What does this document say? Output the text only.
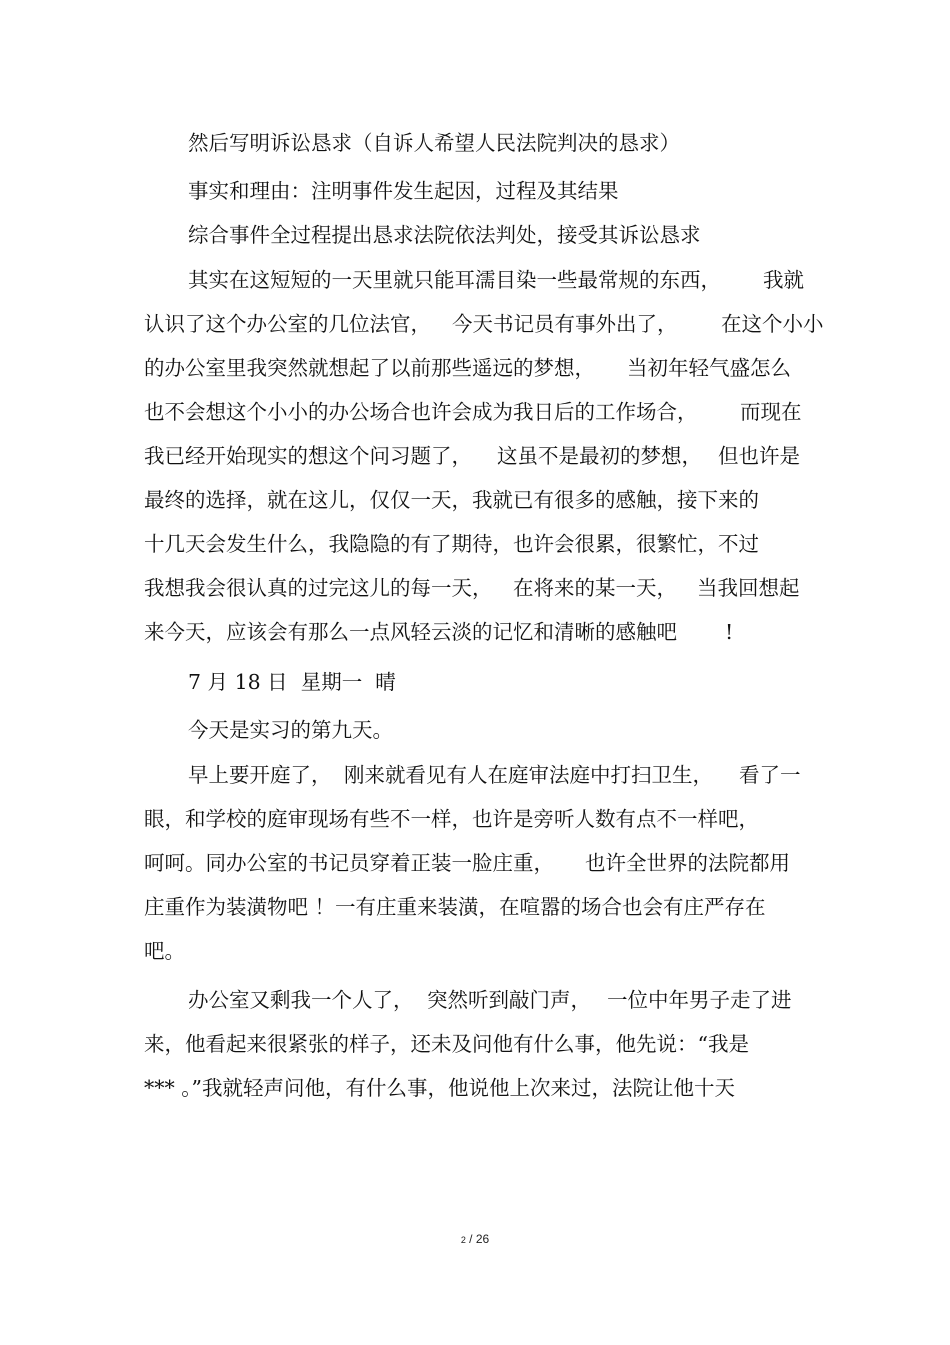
然后写明诉讼恳求（自诉人希望人民法院判决的恳求）

事实和理由：注明事件发生起因，过程及其结果

综合事件全过程提出恳求法院依法判处，接受其诉讼恳求

其实在这短短的一天里就只能耳濡目染一些最常规的东西，

我就

认识了这个办公室的几位法官，

今天书记员有事外出了，

在这个小小

的办公室里我突然就想起了以前那些遥远的梦想，

当初年轻气盛怎么

也不会想这个小小的办公场合也许会成为我日后的工作场合，

而现在

我已经开始现实的想这个问习题了，

这虽不是最初的梦想，

但也许是

最终的选择，就在这儿，仅仅一天，我就已有很多的感触，接下来的

十几天会发生什么，我隐隐的有了期待，也许会很累，很繁忙，不过

我想我会很认真的过完这儿的每一天，

在将来的某一天，

当我回想起

来今天，应该会有那么一点风轻云淡的记忆和清晰的感触吧

!

7 月 18 日  星期一  晴

今天是实习的第九天。

早上要开庭了，

刚来就看见有人在庭审法庭中打扫卫生，

看了一

眼，和学校的庭审现场有些不一样，也许是旁听人数有点不一样吧，

呵呵。同办公室的书记员穿着正装一脸庄重，

也许全世界的法院都用

庄重作为装潢物吧 ！一有庄重来装潢，在喧嚣的场合也会有庄严存在

吧。

办公室又剩我一个人了，

突然听到敲门声，

一位中年男子走了进

来，他看起来很紧张的样子，还未及问他有什么事，他先说：“我是

*** 。”我就轻声问他，有什么事，他说他上次来过，法院让他十天

2 / 26
